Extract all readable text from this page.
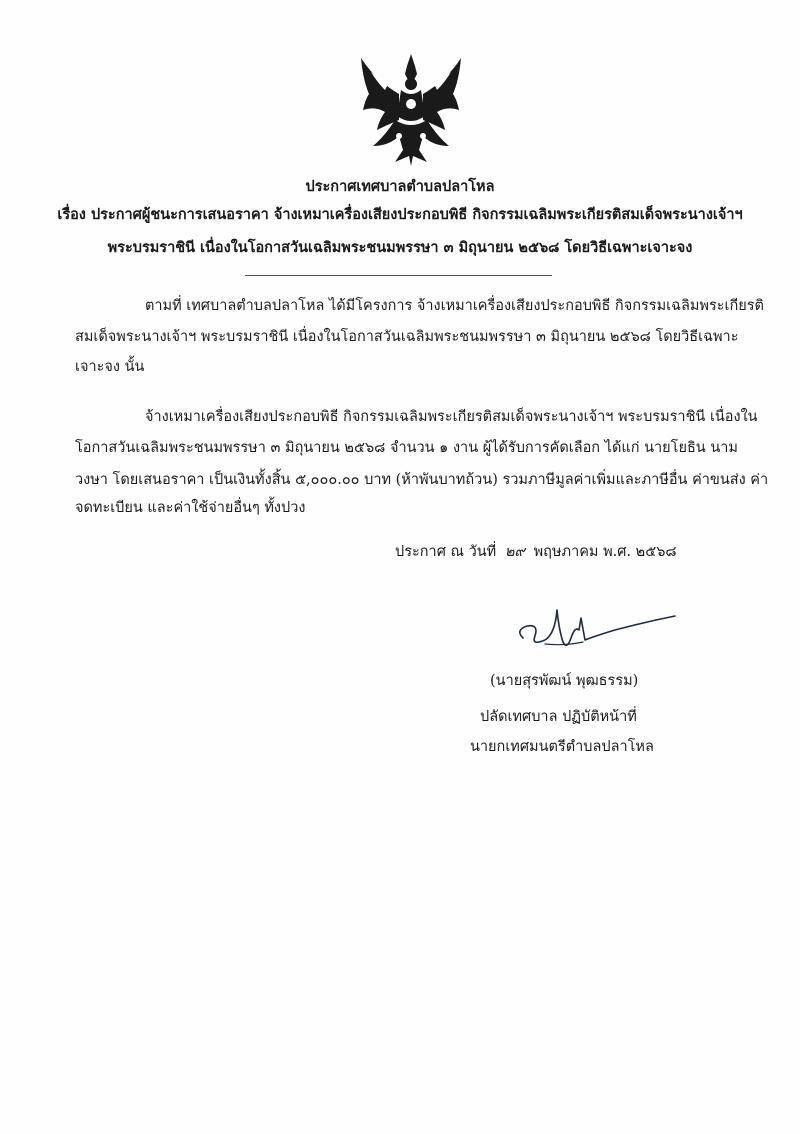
ประกาศเทศบาลตำบลปลาโหล
เรื่อง ประกาศผู้ชนะการเสนอราคา จ้างเหมาเครื่องเสียงประกอบพิธี กิจกรรมเฉลิมพระเกียรติสมเด็จพระนางเจ้าฯ
พระบรมราชินี เนื่องในโอกาสวันเฉลิมพระชนมพรรษา ๓ มิถุนายน ๒๕๖๘ โดยวิธีเฉพาะเจาะจง
ตามที่ เทศบาลตำบลปลาโหล ได้มีโครงการ จ้างเหมาเครื่องเสียงประกอบพิธี กิจกรรมเฉลิมพระเกียรติ
สมเด็จพระนางเจ้าฯ พระบรมราชินี เนื่องในโอกาสวันเฉลิมพระชนมพรรษา ๓ มิถุนายน ๒๕๖๘ โดยวิธีเฉพาะ
เจาะจง นั้น
จ้างเหมาเครื่องเสียงประกอบพิธี กิจกรรมเฉลิมพระเกียรติสมเด็จพระนางเจ้าฯ พระบรมราชินี เนื่องใน
โอกาสวันเฉลิมพระชนมพรรษา ๓ มิถุนายน ๒๕๖๘ จำนวน ๑ งาน ผู้ได้รับการคัดเลือก ได้แก่ นายโยธิน นาม
วงษา โดยเสนอราคา เป็นเงินทั้งสิ้น ๕,๐๐๐.๐๐ บาท (ห้าพันบาทถ้วน) รวมภาษีมูลค่าเพิ่มและภาษีอื่น ค่าขนส่ง ค่า
จดทะเบียน และค่าใช้จ่ายอื่นๆ ทั้งปวง
ประกาศ ณ วันที่ ๒๙ พฤษภาคม พ.ศ. ๒๕๖๘
(นายสุรพัฒน์ พุฒธรรม)
ปลัดเทศบาล ปฏิบัติหน้าที่
นายกเทศมนตรีตำบลปลาโหล
